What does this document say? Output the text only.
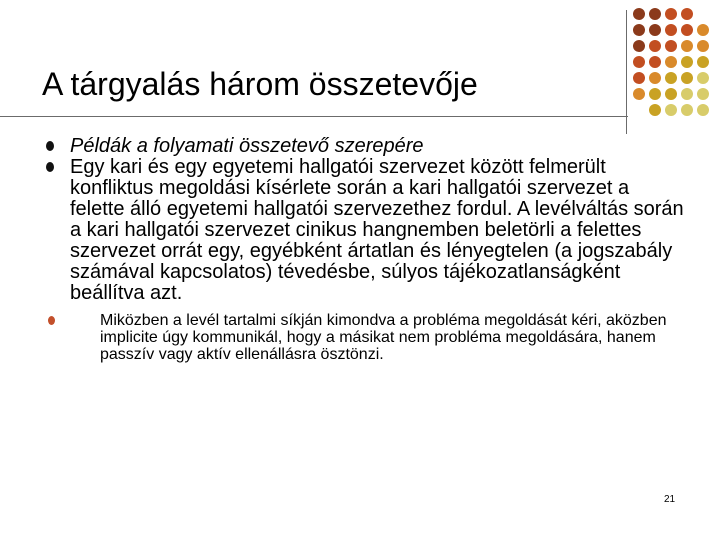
A tárgyalás három összetevője
Példák a folyamati összetevő szerepére
Egy kari és egy egyetemi hallgatói szervezet között felmerült konfliktus megoldási kísérlete során a kari hallgatói szervezet a felette álló egyetemi hallgatói szervezethez fordul. A levélváltás során a kari hallgatói szervezet cinikus hangnemben beletörli a felettes szervezet orrát egy, egyébként ártatlan és lényegtelen (a jogszabály számával kapcsolatos) tévedésbe, súlyos tájékozatlanságként beállítva azt.
Miközben a levél tartalmi síkján kimondva a probléma megoldását kéri, aközben implicite úgy kommunikál, hogy a másikat nem probléma megoldására, hanem passzív vagy aktív ellenállásra ösztönzi.
21
